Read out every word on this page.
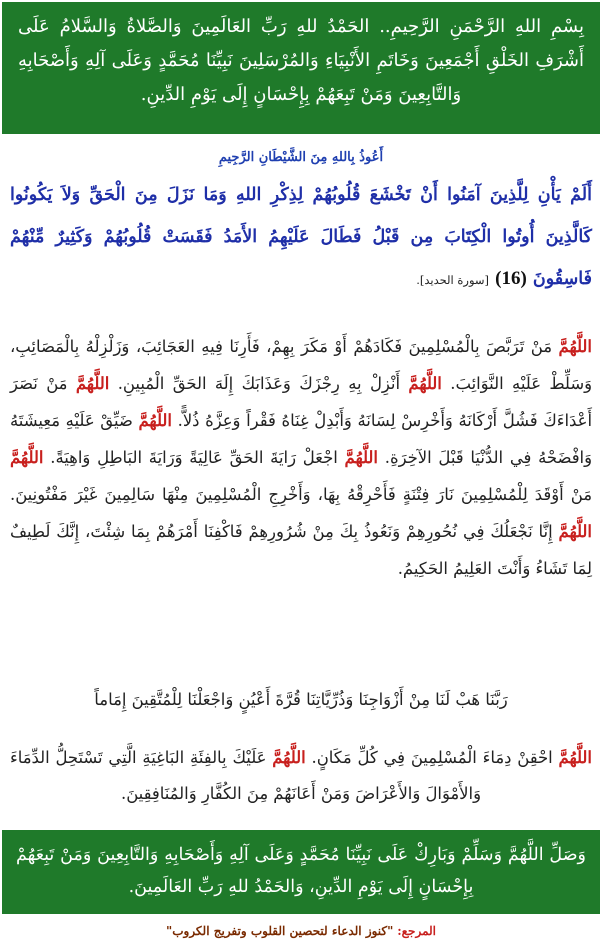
بِسْمِ اللهِ الرَّحْمَنِ الرَّحِيمِ.. الحَمْدُ للهِ رَبِّ العَالَمِينَ وَالصَّلاةُ وَالسَّلامُ عَلَى أَشْرَفِ الخَلْقِ أَجْمَعِينَ وَخَاتَمِ الأَنْبِيَاءِ وَالمُرْسَلِينَ نَبِيِّنَا مُحَمَّدٍ وَعَلَى آلِهِ وَأَصْحَابِهِ وَالتَّابِعِينَ وَمَنْ تَبِعَهُمْ بِإِحْسَانٍ إِلَى يَوْمِ الدِّينِ.
أَعُوذُ بِاللهِ مِنَ الشَّيْطَانِ الرَّجِيمِ
أَلَمْ يَأْنِ لِلَّذِينَ آمَنُوا أَنْ تَخْشَعَ قُلُوبُهُمْ لِذِكْرِ اللهِ وَمَا نَزَلَ مِنَ الْحَقِّ وَلاَ يَكُونُوا كَالَّذِينَ أُوتُوا الْكِتَابَ مِن قَبْلُ فَطَالَ عَلَيْهِمُ الأَمَدُ فَقَسَتْ قُلُوبُهُمْ وَكَثِيرٌ مِّنْهُمْ فَاسِقُونَ (16) [سورة الحديد].
اللَّهُمَّ مَنْ تَرَبَّصَ بِالْمُسْلِمِينَ فَكَادَهُمْ أَوْ مَكَرَ بِهِمْ، فَأَرِنَا فِيهِ العَجَائِبَ، وَزَلْزِلْهُ بِالْمَصَائِبِ، وَسَلِّطْ عَلَيْهِ النَّوَائِبَ. اللَّهُمَّ أَنْزِلْ بِهِ رِجْزَكَ وَعَذَابَكَ إِلَهَ الحَقِّ الْمُبِينِ. اللَّهُمَّ مَنْ نَصَرَ أَعْدَاءَكَ فَشُلَّ أَرْكَانَهُ وَأَخْرِسْ لِسَانَهُ وَأَبْدِلْ غِنَاهُ فَقْراً وَعِزَّهُ ذُلاًّ. اللَّهُمَّ ضَيِّقْ عَلَيْهِ مَعِيشَتَهُ وَافْضَحْهُ فِي الدُّنْيَا قَبْلَ الآخِرَةِ. اللَّهُمَّ اجْعَلْ رَايَةَ الحَقِّ عَالِيَةً وَرَايَةَ البَاطِلِ وَاهِيَةً. اللَّهُمَّ مَنْ أَوْقَدَ لِلْمُسْلِمِينَ نَارَ فِتْنَةٍ فَأَحْرِقْهُ بِهَا، وَأَخْرِجِ الْمُسْلِمِينَ مِنْهَا سَالِمِينَ غَيْرَ مَفْتُونِينَ. اللَّهُمَّ إِنَّا نَجْعَلُكَ فِي نُحُورِهِمْ وَنَعُوذُ بِكَ مِنْ شُرُورِهِمْ فَاكْفِنَا أَمْرَهُمْ بِمَا شِئْتَ، إِنَّكَ لَطِيفٌ لِمَا تَشَاءُ وَأَنْتَ العَلِيمُ الحَكِيمُ.
رَبَّنَا هَبْ لَنَا مِنْ أَزْوَاجِنَا وَذُرِّيَّاتِنَا قُرَّةَ أَعْيُنٍ وَاجْعَلْنَا لِلْمُتَّقِينَ إِمَاماً
اللَّهُمَّ احْقِنْ دِمَاءَ الْمُسْلِمِينَ فِي كُلِّ مَكَانٍ. اللَّهُمَّ عَلَيْكَ بِالفِئَةِ البَاغِيَةِ الَّتِي تَسْتَحِلُّ الدِّمَاءَ وَالأَمْوَالَ وَالأَعْرَاضَ وَمَنْ أَعَانَهُمْ مِنَ الكُفَّارِ وَالمُنَافِقِينَ.
وَصَلِّ اللَّهُمَّ وَسَلِّمْ وَبَارِكْ عَلَى نَبِيِّنَا مُحَمَّدٍ وَعَلَى آلِهِ وَأَصْحَابِهِ وَالتَّابِعِينَ وَمَنْ تَبِعَهُمْ بِإِحْسَانٍ إِلَى يَوْمِ الدِّينِ، وَالحَمْدُ للهِ رَبِّ العَالَمِينَ.
المرجع: "كنوز الدعاء لتحصين القلوب وتفريج الكروب"
